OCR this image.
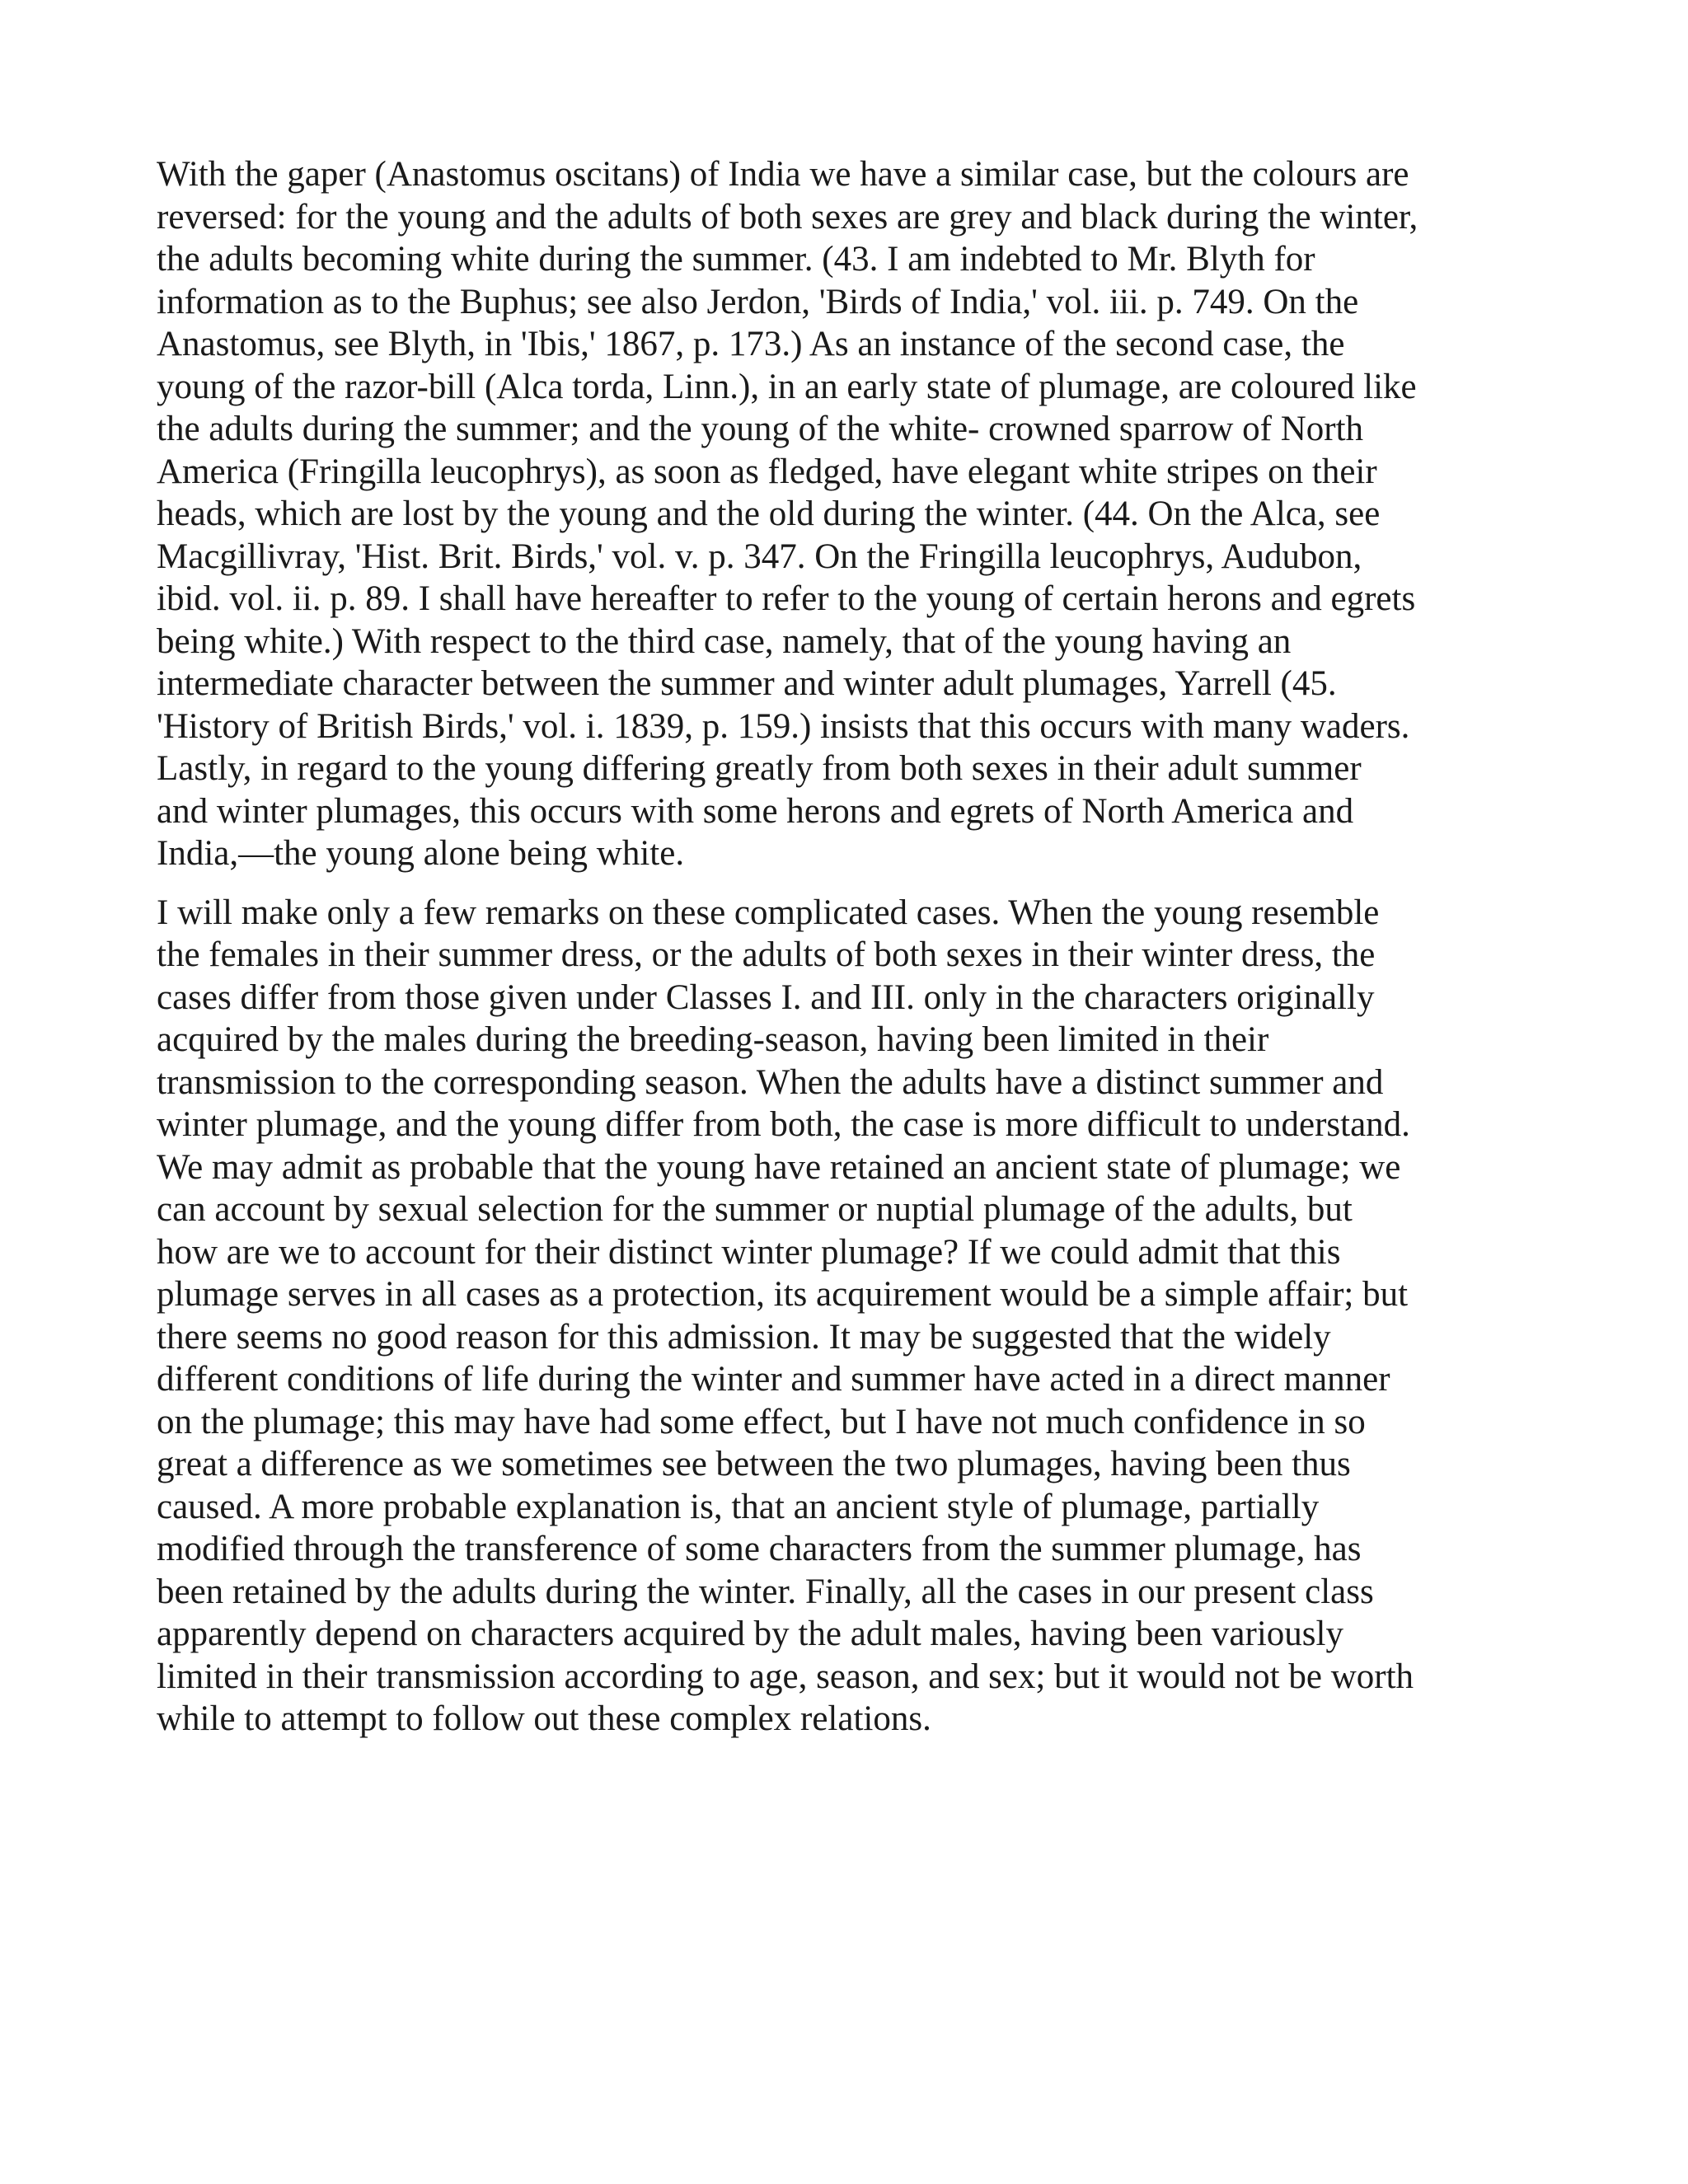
With the gaper (Anastomus oscitans) of India we have a similar case, but the colours are
reversed: for the young and the adults of both sexes are grey and black during the winter,
the adults becoming white during the summer. (43. I am indebted to Mr. Blyth for
information as to the Buphus; see also Jerdon, 'Birds of India,' vol. iii. p. 749. On the
Anastomus, see Blyth, in 'Ibis,' 1867, p. 173.) As an instance of the second case, the
young of the razor-bill (Alca torda, Linn.), in an early state of plumage, are coloured like
the adults during the summer; and the young of the white- crowned sparrow of North
America (Fringilla leucophrys), as soon as fledged, have elegant white stripes on their
heads, which are lost by the young and the old during the winter. (44. On the Alca, see
Macgillivray, 'Hist. Brit. Birds,' vol. v. p. 347. On the Fringilla leucophrys, Audubon,
ibid. vol. ii. p. 89. I shall have hereafter to refer to the young of certain herons and egrets
being white.) With respect to the third case, namely, that of the young having an
intermediate character between the summer and winter adult plumages, Yarrell (45.
'History of British Birds,' vol. i. 1839, p. 159.) insists that this occurs with many waders.
Lastly, in regard to the young differing greatly from both sexes in their adult summer
and winter plumages, this occurs with some herons and egrets of North America and
India,—the young alone being white.

I will make only a few remarks on these complicated cases. When the young resemble
the females in their summer dress, or the adults of both sexes in their winter dress, the
cases differ from those given under Classes I. and III. only in the characters originally
acquired by the males during the breeding-season, having been limited in their
transmission to the corresponding season. When the adults have a distinct summer and
winter plumage, and the young differ from both, the case is more difficult to understand.
We may admit as probable that the young have retained an ancient state of plumage; we
can account by sexual selection for the summer or nuptial plumage of the adults, but
how are we to account for their distinct winter plumage? If we could admit that this
plumage serves in all cases as a protection, its acquirement would be a simple affair; but
there seems no good reason for this admission. It may be suggested that the widely
different conditions of life during the winter and summer have acted in a direct manner
on the plumage; this may have had some effect, but I have not much confidence in so
great a difference as we sometimes see between the two plumages, having been thus
caused. A more probable explanation is, that an ancient style of plumage, partially
modified through the transference of some characters from the summer plumage, has
been retained by the adults during the winter. Finally, all the cases in our present class
apparently depend on characters acquired by the adult males, having been variously
limited in their transmission according to age, season, and sex; but it would not be worth
while to attempt to follow out these complex relations.
